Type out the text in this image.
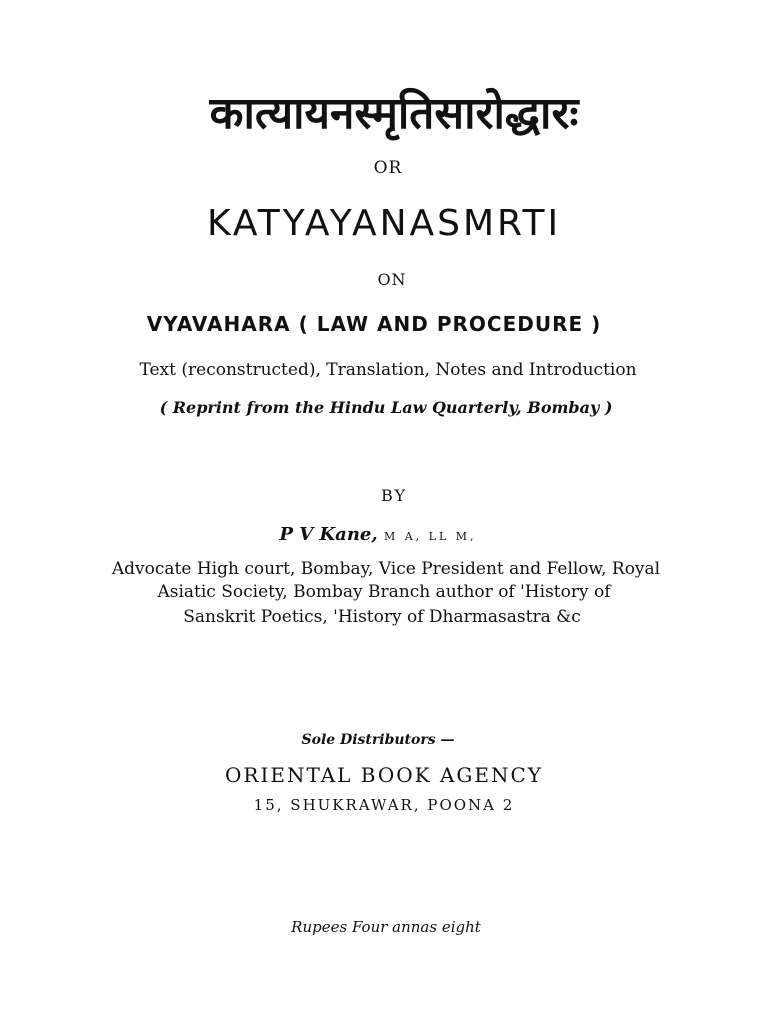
कात्यायनस्मृतिसारोद्धारः
OR
KATYAYANASMRTI
ON
VYAVAHARA ( LAW AND PROCEDURE )
Text (reconstructed), Translation, Notes and Introduction
( Reprint from the Hindu Law Quarterly, Bombay )
BY
P V Kane, M A, LL M,
Advocate High court, Bombay, Vice President and Fellow, Royal
Asiatic Society, Bombay Branch author of 'History of
Sanskrit Poetics, 'History of Dharmasastra &c
Sole Distributors —
ORIENTAL BOOK AGENCY
15, SHUKRAWAR, POONA 2
Rupees Four annas eight
